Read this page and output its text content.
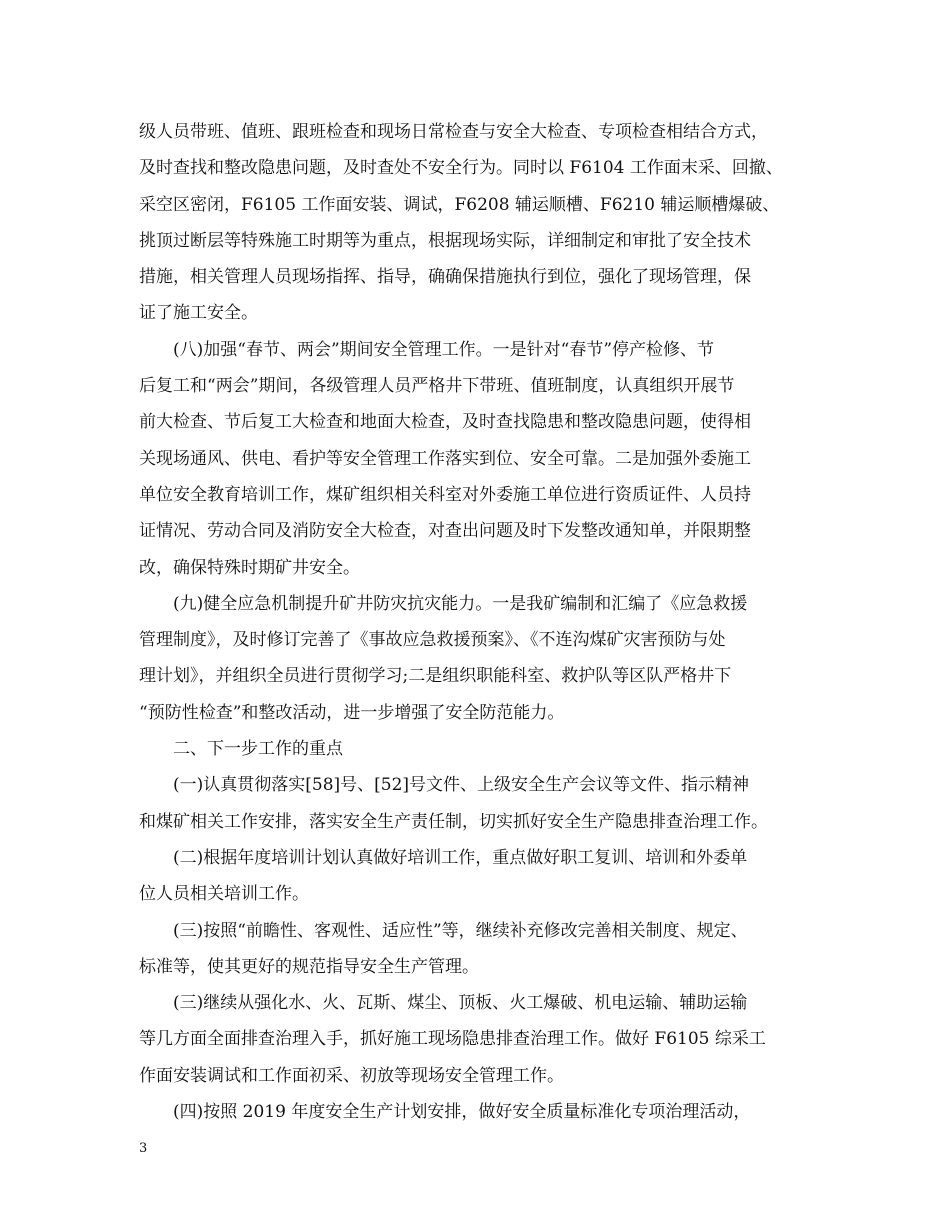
级人员带班、值班、跟班检查和现场日常检查与安全大检查、专项检查相结合方式，
及时查找和整改隐患问题，及时查处不安全行为。同时以 F6104 工作面末采、回撤、
采空区密闭，F6105 工作面安装、调试，F6208 辅运顺槽、F6210 辅运顺槽爆破、
挑顶过断层等特殊施工时期等为重点，根据现场实际，详细制定和审批了安全技术
措施，相关管理人员现场指挥、指导，确确保措施执行到位，强化了现场管理，保
证了施工安全。
　　(八)加强“春节、两会”期间安全管理工作。一是针对“春节”停产检修、节
后复工和“两会”期间，各级管理人员严格井下带班、值班制度，认真组织开展节
前大检查、节后复工大检查和地面大检查，及时查找隐患和整改隐患问题，使得相
关现场通风、供电、看护等安全管理工作落实到位、安全可靠。二是加强外委施工
单位安全教育培训工作，煤矿组织相关科室对外委施工单位进行资质证件、人员持
证情况、劳动合同及消防安全大检查，对查出问题及时下发整改通知单，并限期整
改，确保特殊时期矿井安全。
　　(九)健全应急机制提升矿井防灾抗灾能力。一是我矿编制和汇编了《应急救援
管理制度》，及时修订完善了《事故应急救援预案》、《不连沟煤矿灾害预防与处
理计划》，并组织全员进行贯彻学习;二是组织职能科室、救护队等区队严格井下
“预防性检查”和整改活动，进一步增强了安全防范能力。
　　二、下一步工作的重点
　　(一)认真贯彻落实[58]号、[52]号文件、上级安全生产会议等文件、指示精神
和煤矿相关工作安排，落实安全生产责任制，切实抓好安全生产隐患排查治理工作。
　　(二)根据年度培训计划认真做好培训工作，重点做好职工复训、培训和外委单
位人员相关培训工作。
　　(三)按照“前瞻性、客观性、适应性”等，继续补充修改完善相关制度、规定、
标准等，使其更好的规范指导安全生产管理。
　　(三)继续从强化水、火、瓦斯、煤尘、顶板、火工爆破、机电运输、辅助运输
等几方面全面排查治理入手，抓好施工现场隐患排查治理工作。做好 F6105 综采工
作面安装调试和工作面初采、初放等现场安全管理工作。
　　(四)按照 2019 年度安全生产计划安排，做好安全质量标准化专项治理活动，
3
